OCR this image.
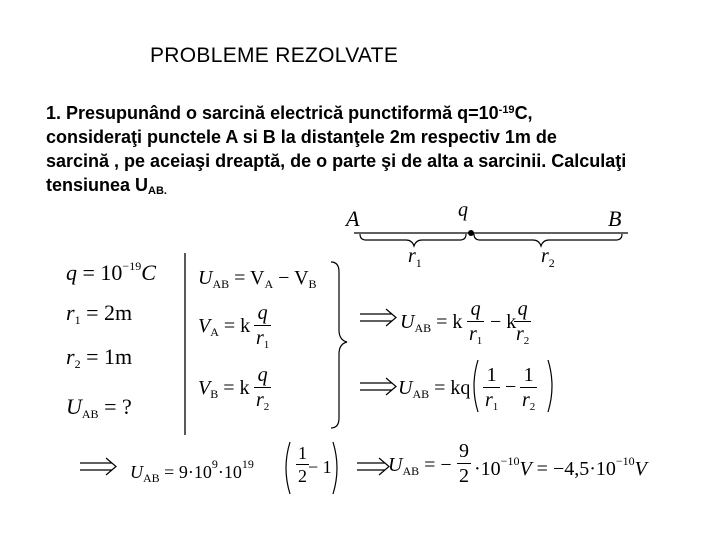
PROBLEME REZOLVATE
1. Presupunând o sarcină electrică punctiformă $q=10^{-19}C$,
consideraţi punctele A si B la distanţele 2m respectiv 1m de
sarcină , pe aceiaşi dreaptă, de o parte şi de alta a sarcinii. Calculaţi
tensiunea $U_{AB.}$
A	q	B
$r_1$	$r_2$
$q = 10^{-19}C$
$r_1 = 2m$
$r_2 = 1m$
$U_{AB}$ = ?
$U_{AB} = V_A - V_B$
$V_A = k \frac{q}{r_1}$
$V_B = k \frac{q}{r_2}$
$U_{AB} = k \frac{q}{r_1} - k$
$\frac{q}{r_2}$
$U_{AB}$ = kq $\frac{1}{r_1} - \frac{1}{r_2}$
$U_{AB} = 9\cdot 10^9\cdot 10^{19} \frac{1}{2} - 1$	$U_{AB}$ = − $\frac{9}{2} \cdot 10^{-10}V = -4,5\cdot 10^{-10}V$
